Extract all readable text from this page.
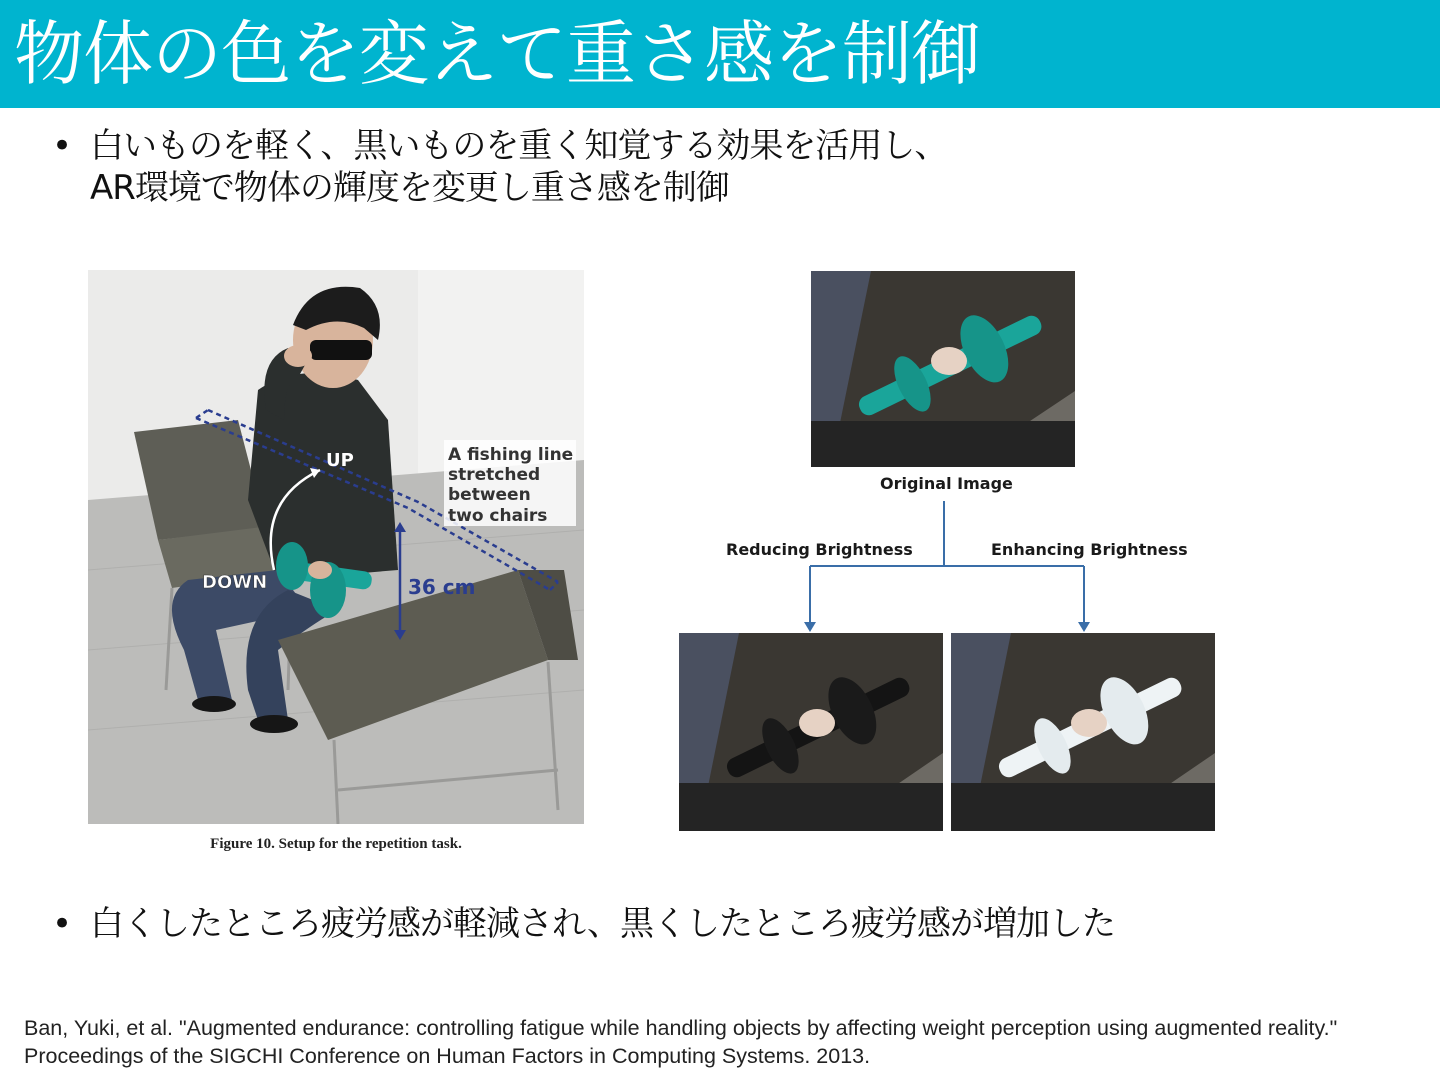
物体の色を変えて重さ感を制御
• 白いものを軽く、黒いものを重く知覚する効果を活用し、
AR環境で物体の輝度を変更し重さ感を制御
• 白くしたところ疲労感が軽減され、黒くしたところ疲労感が増加した
A fishing line
stretched
between
two chairs
UP
DOWN	36 cm
Figure 10. Setup for the repetition task.
Original Image
Reducing Brightness	Enhancing Brightness
Ban, Yuki, et al. "Augmented endurance: controlling fatigue while handling objects by affecting weight perception using augmented reality." Proceedings of the SIGCHI Conference on Human Factors in Computing Systems. 2013.
